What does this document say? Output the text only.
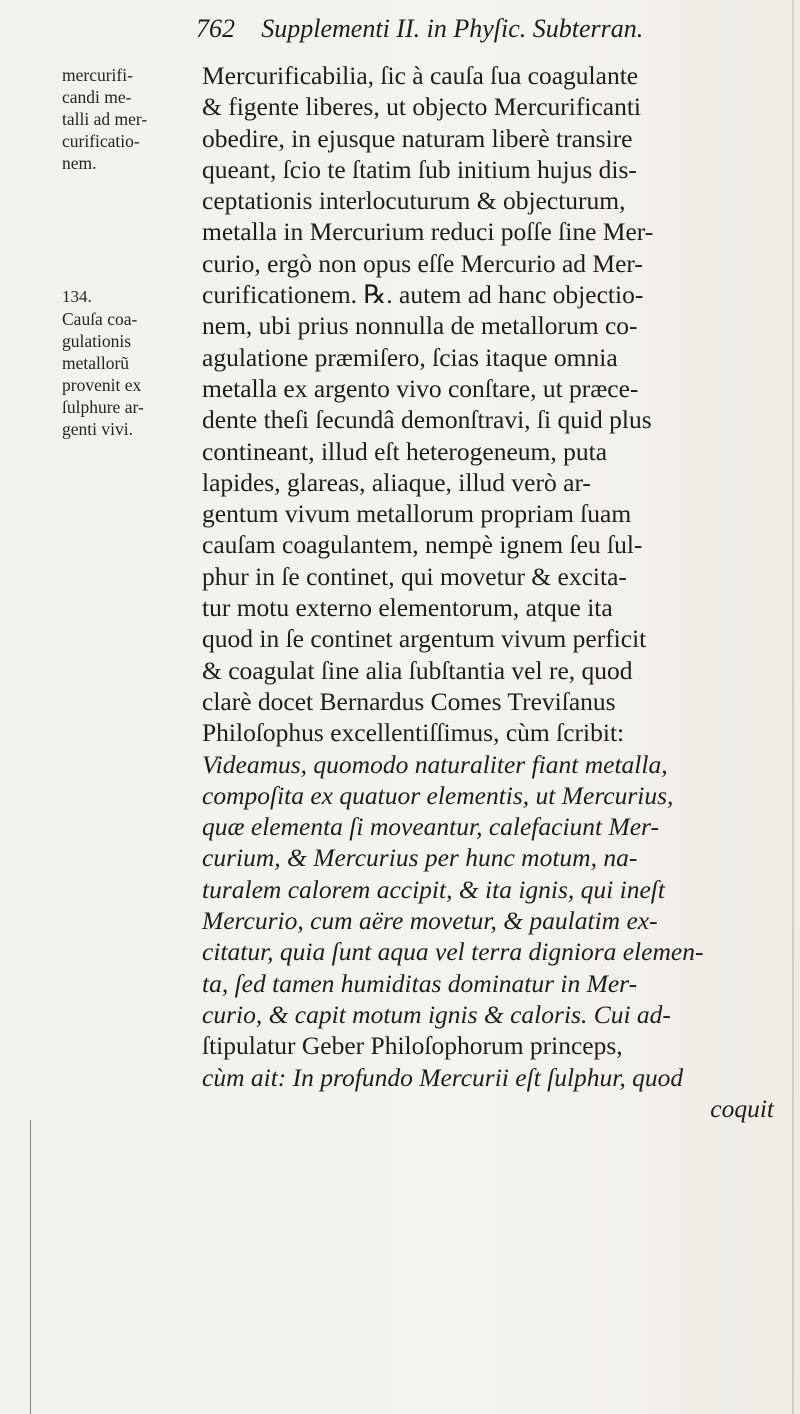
762 Supplementi II. in Phyſic. Subterran.
mercurifi-
candi me-
talli ad mer-
curificatio-
nem.
134.
Cauſa coa-
gulationis
metallorũ
provenit ex
ſulphure ar-
genti vivi.
Mercurificabilia, ſic à cauſa ſua coagulante
& figente liberes, ut objecto Mercurificanti
obedire, in ejusque naturam liberè transire
queant, ſcio te ſtatim ſub initium hujus dis-
ceptationis interlocuturum & objecturum,
metalla in Mercurium reduci poſſe ſine Mer-
curio, ergò non opus eſſe Mercurio ad Mer-
curificationem. ℞. autem ad hanc objectio-
nem, ubi prius nonnulla de metallorum co-
agulatione præmiſero, ſcias itaque omnia
metalla ex argento vivo conſtare, ut præce-
dente theſi ſecundâ demonſtravi, ſi quid plus
contineant, illud eſt heterogeneum, puta
lapides, glareas, aliaque, illud verò ar-
gentum vivum metallorum propriam ſuam
cauſam coagulantem, nempè ignem ſeu ſul-
phur in ſe continet, qui movetur & excita-
tur motu externo elementorum, atque ita
quod in ſe continet argentum vivum perficit
& coagulat ſine alia ſubſtantia vel re, quod
clarè docet Bernardus Comes Treviſanus
Philoſophus excellentiſſimus, cùm ſcribit:
Videamus, quomodo naturaliter fiant metalla,
compoſita ex quatuor elementis, ut Mercurius,
quæ elementa ſi moveantur, calefaciunt Mer-
curium, & Mercurius per hunc motum, na-
turalem calorem accipit, & ita ignis, qui ineſt
Mercurio, cum aëre movetur, & paulatim ex-
citatur, quia ſunt aqua vel terra digniora elemen-
ta, ſed tamen humiditas dominatur in Mer-
curio, & capit motum ignis & caloris. Cui ad-
ſtipulatur Geber Philoſophorum princeps,
cùm ait: In profundo Mercurii eſt ſulphur, quod
coquit
